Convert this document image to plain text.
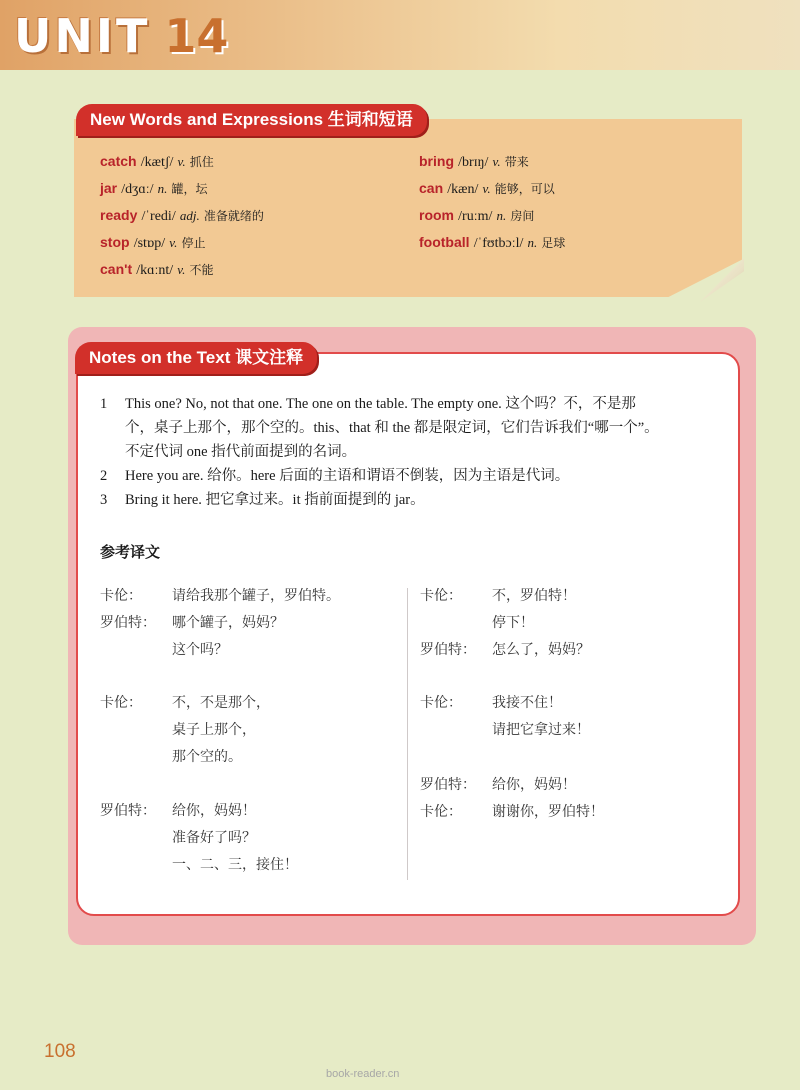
UNIT 14
New Words and Expressions 生词和短语
catch /kætʃ/ v. 抓住
jar /dʒɑː/ n. 罐，坛
ready /ˈredi/ adj. 准备就绪的
stop /stɒp/ v. 停止
can't /kɑːnt/ v. 不能
bring /brɪŋ/ v. 带来
can /kæn/ v. 能够，可以
room /ruːm/ n. 房间
football /ˈfʊtbɔːl/ n. 足球
Notes on the Text 课文注释
1 This one? No, not that one. The one on the table. The empty one. 这个吗？不，不是那
个，桌子上那个，那个空的。this、that 和 the 都是限定词，它们告诉我们“哪一个”。
不定代词 one 指代前面提到的名词。
2 Here you are. 给你。here 后面的主语和谓语不倒装，因为主语是代词。
3 Bring it here. 把它拿过来。it 指前面提到的 jar。
参考译文
卡伦： 请给我那个罐子，罗伯特。
罗伯特： 哪个罐子，妈妈？
这个吗？
卡伦： 不，不是那个，
桌子上那个，
那个空的。
罗伯特： 给你，妈妈！
准备好了吗？
一、二、三，接住！
卡伦： 不，罗伯特！
停下！
罗伯特： 怎么了，妈妈？
卡伦： 我接不住！
请把它拿过来！
罗伯特： 给你，妈妈！
卡伦： 谢谢你，罗伯特！
108
book-reader.cn
